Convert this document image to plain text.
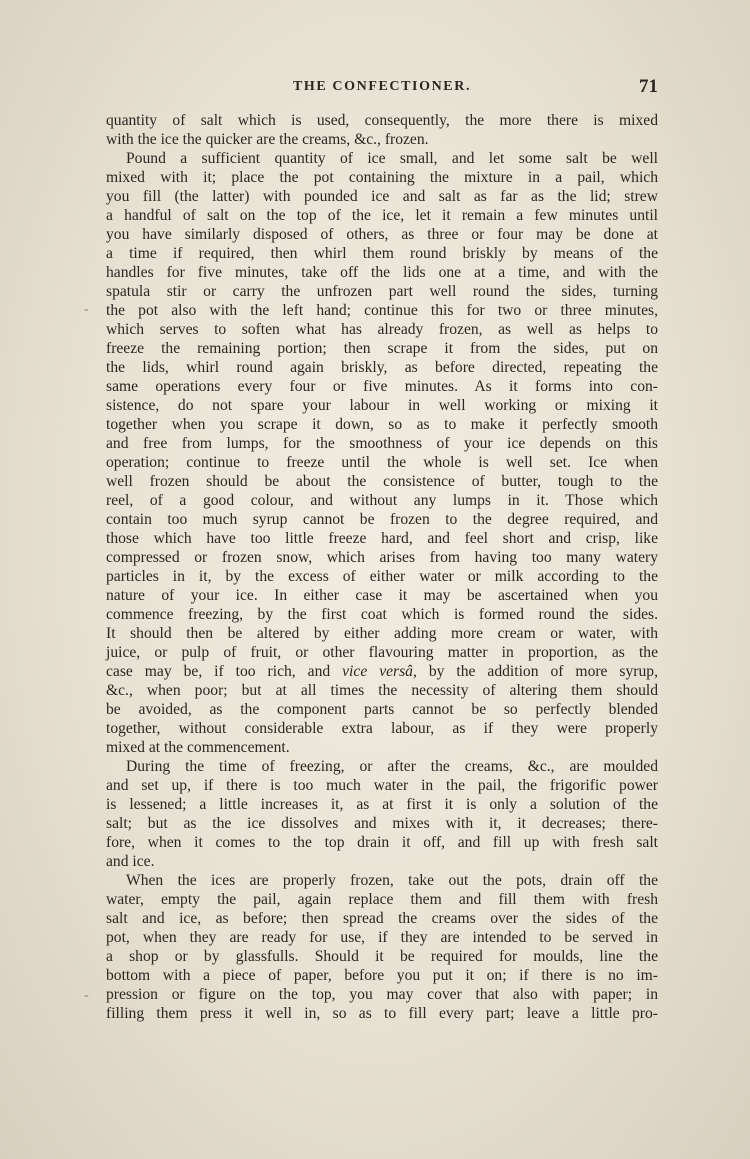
THE CONFECTIONER.	71
-
-
quantity of salt which is used, consequently, the more there is mixed
with the ice the quicker are the creams, &c., frozen.
Pound a sufficient quantity of ice small, and let some salt be well
mixed with it; place the pot containing the mixture in a pail, which
you fill (the latter) with pounded ice and salt as far as the lid; strew
a handful of salt on the top of the ice, let it remain a few minutes until
you have similarly disposed of others, as three or four may be done at
a time if required, then whirl them round briskly by means of the
handles for five minutes, take off the lids one at a time, and with the
spatula stir or carry the unfrozen part well round the sides, turning
the pot also with the left hand; continue this for two or three minutes,
which serves to soften what has already frozen, as well as helps to
freeze the remaining portion; then scrape it from the sides, put on
the lids, whirl round again briskly, as before directed, repeating the
same operations every four or five minutes. As it forms into con-
sistence, do not spare your labour in well working or mixing it
together when you scrape it down, so as to make it perfectly smooth
and free from lumps, for the smoothness of your ice depends on this
operation; continue to freeze until the whole is well set. Ice when
well frozen should be about the consistence of butter, tough to the
reel, of a good colour, and without any lumps in it. Those which
contain too much syrup cannot be frozen to the degree required, and
those which have too little freeze hard, and feel short and crisp, like
compressed or frozen snow, which arises from having too many watery
particles in it, by the excess of either water or milk according to the
nature of your ice. In either case it may be ascertained when you
commence freezing, by the first coat which is formed round the sides.
It should then be altered by either adding more cream or water, with
juice, or pulp of fruit, or other flavouring matter in proportion, as the
case may be, if too rich, and vice versâ, by the addition of more syrup,
&c., when poor; but at all times the necessity of altering them should
be avoided, as the component parts cannot be so perfectly blended
together, without considerable extra labour, as if they were properly
mixed at the commencement.
During the time of freezing, or after the creams, &c., are moulded
and set up, if there is too much water in the pail, the frigorific power
is lessened; a little increases it, as at first it is only a solution of the
salt; but as the ice dissolves and mixes with it, it decreases; there-
fore, when it comes to the top drain it off, and fill up with fresh salt
and ice.
When the ices are properly frozen, take out the pots, drain off the
water, empty the pail, again replace them and fill them with fresh
salt and ice, as before; then spread the creams over the sides of the
pot, when they are ready for use, if they are intended to be served in
a shop or by glassfulls. Should it be required for moulds, line the
bottom with a piece of paper, before you put it on; if there is no im-
pression or figure on the top, you may cover that also with paper; in
filling them press it well in, so as to fill every part; leave a little pro-
